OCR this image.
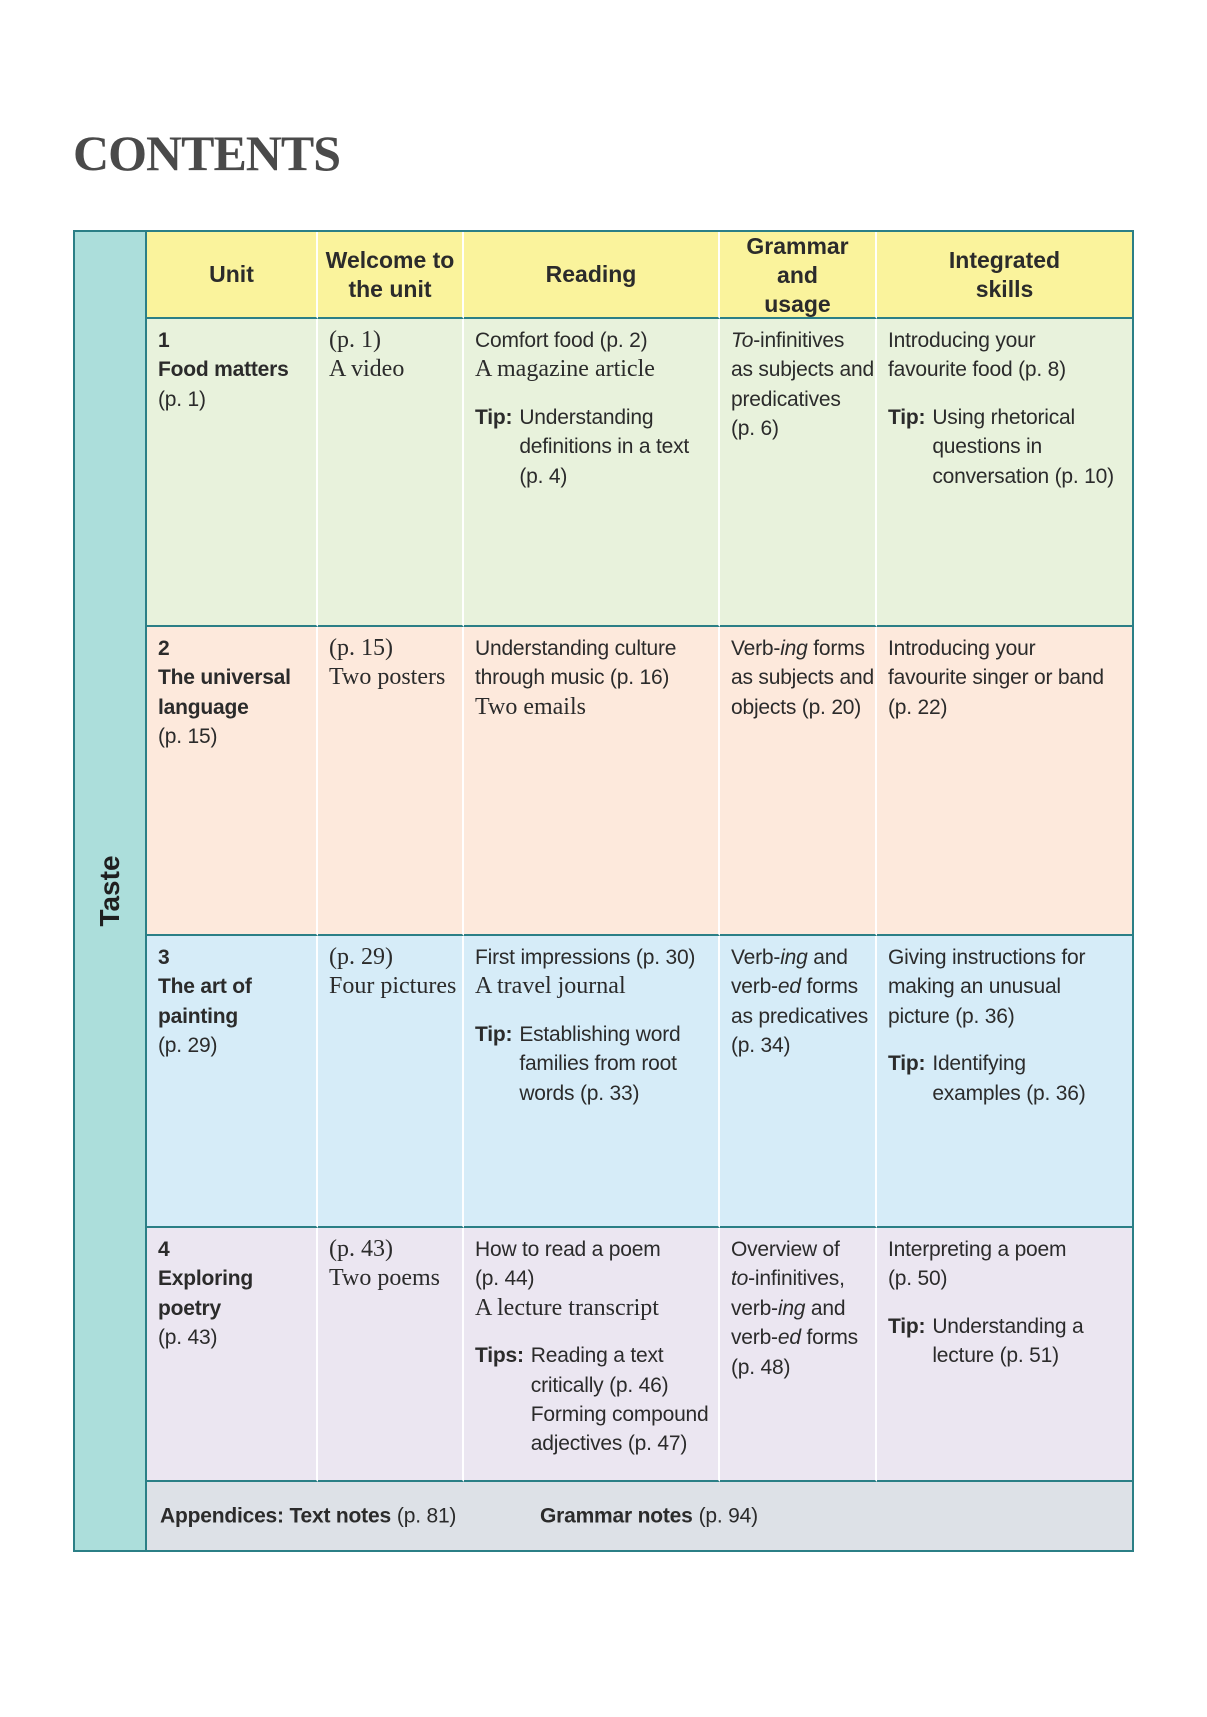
CONTENTS
Taste
Unit
Welcome to
the unit
Reading
Grammar
and
usage
Integrated
skills
1
Food matters
(p. 1)
(p. 1)
A video
Comfort food (p. 2)
A magazine article
Tip: Understanding
definitions in a text
(p. 4)
To-infinitives
as subjects and
predicatives
(p. 6)
Introducing your
favourite food (p. 8)
Tip: Using rhetorical
questions in
conversation (p. 10)
2
The universal
language
(p. 15)
(p. 15)
Two posters
Understanding culture
through music (p. 16)
Two emails
Verb-ing forms
as subjects and
objects (p. 20)
Introducing your
favourite singer or band
(p. 22)
3
The art of
painting
(p. 29)
(p. 29)
Four pictures
First impressions (p. 30)
A travel journal
Tip: Establishing word
families from root
words (p. 33)
Verb-ing and
verb-ed forms
as predicatives
(p. 34)
Giving instructions for
making an unusual
picture (p. 36)
Tip: Identifying
examples (p. 36)
4
Exploring
poetry
(p. 43)
(p. 43)
Two poems
How to read a poem
(p. 44)
A lecture transcript
Tips: Reading a text
critically (p. 46)
Forming compound
adjectives (p. 47)
Overview of
to-infinitives,
verb-ing and
verb-ed forms
(p. 48)
Interpreting a poem
(p. 50)
Tip: Understanding a
lecture (p. 51)
Appendices: Text notes (p. 81)	Grammar notes (p. 94)
